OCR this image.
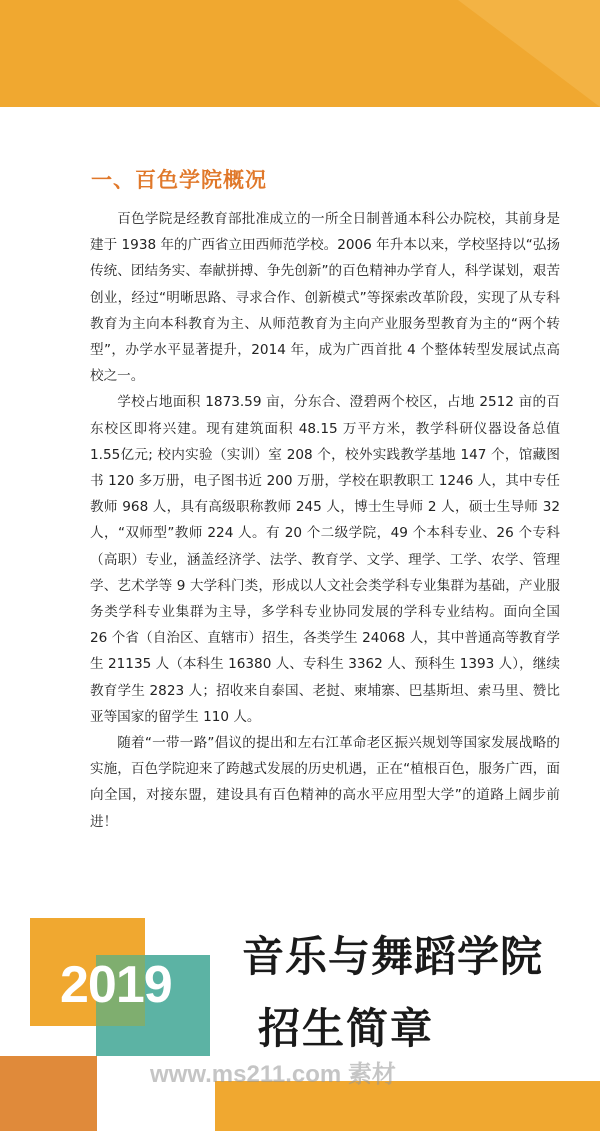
一、百色学院概况

百色学院是经教育部批准成立的一所全日制普通本科公办院校，其前身是建于 1938 年的广西省立田西师范学校。2006 年升本以来，学校坚持以“弘扬传统、团结务实、奉献拼搏、争先创新”的百色精神办学育人，科学谋划，艰苦创业，经过“明晰思路、寻求合作、创新模式”等探索改革阶段，实现了从专科教育为主向本科教育为主、从师范教育为主向产业服务型教育为主的“两个转型”，办学水平显著提升，2014 年，成为广西首批 4 个整体转型发展试点高校之一。

学校占地面积 1873.59 亩，分东合、澄碧两个校区，占地 2512 亩的百东校区即将兴建。现有建筑面积 48.15 万平方米，教学科研仪器设备总值 1.55亿元; 校内实验（实训）室 208 个，校外实践教学基地 147 个，馆藏图书 120 多万册，电子图书近 200 万册，学校在职教职工 1246 人，其中专任教师 968 人，具有高级职称教师 245 人，博士生导师 2 人，硕士生导师 32 人，“双师型”教师 224 人。有 20 个二级学院，49 个本科专业、26 个专科（高职）专业，涵盖经济学、法学、教育学、文学、理学、工学、农学、管理学、艺术学等 9 大学科门类，形成以人文社会类学科专业集群为基础，产业服务类学科专业集群为主导，多学科专业协同发展的学科专业结构。面向全国 26 个省（自治区、直辖市）招生，各类学生 24068 人，其中普通高等教育学生 21135 人（本科生 16380 人、专科生 3362 人、预科生 1393 人），继续教育学生 2823 人；招收来自泰国、老挝、柬埔寨、巴基斯坦、索马里、赞比亚等国家的留学生 110 人。

随着“一带一路”倡议的提出和左右江革命老区振兴规划等国家发展战略的实施，百色学院迎来了跨越式发展的历史机遇，正在“植根百色，服务广西，面向全国，对接东盟，建设具有百色精神的高水平应用型大学”的道路上阔步前进！

2019 音乐与舞蹈学院
招生简章
www.ms211.com 素材
